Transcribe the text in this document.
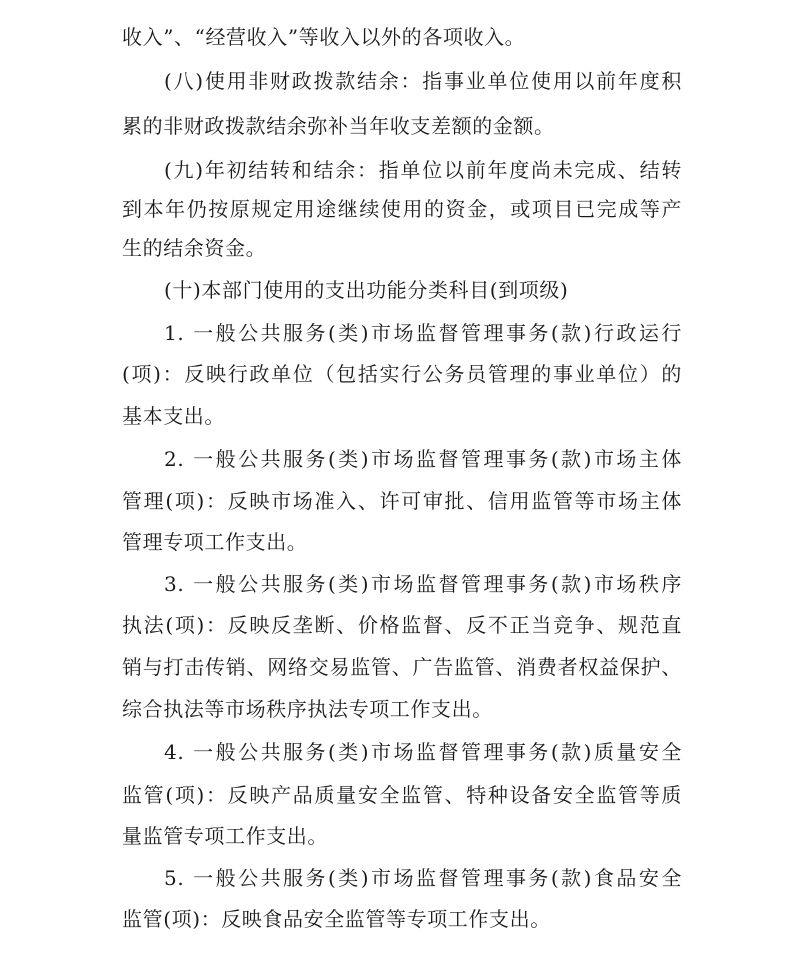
收入”、“经营收入”等收入以外的各项收入。
(八)使用非财政拨款结余：指事业单位使用以前年度积
累的非财政拨款结余弥补当年收支差额的金额。
(九)年初结转和结余：指单位以前年度尚未完成、结转
到本年仍按原规定用途继续使用的资金，或项目已完成等产
生的结余资金。
(十)本部门使用的支出功能分类科目(到项级)
1. 一般公共服务(类)市场监督管理事务(款)行政运行
(项)：反映行政单位（包括实行公务员管理的事业单位）的
基本支出。
2. 一般公共服务(类)市场监督管理事务(款)市场主体
管理(项)：反映市场准入、许可审批、信用监管等市场主体
管理专项工作支出。
3. 一般公共服务(类)市场监督管理事务(款)市场秩序
执法(项)：反映反垄断、价格监督、反不正当竞争、规范直
销与打击传销、网络交易监管、广告监管、消费者权益保护、
综合执法等市场秩序执法专项工作支出。
4. 一般公共服务(类)市场监督管理事务(款)质量安全
监管(项)：反映产品质量安全监管、特种设备安全监管等质
量监管专项工作支出。
5. 一般公共服务(类)市场监督管理事务(款)食品安全
监管(项)：反映食品安全监管等专项工作支出。
